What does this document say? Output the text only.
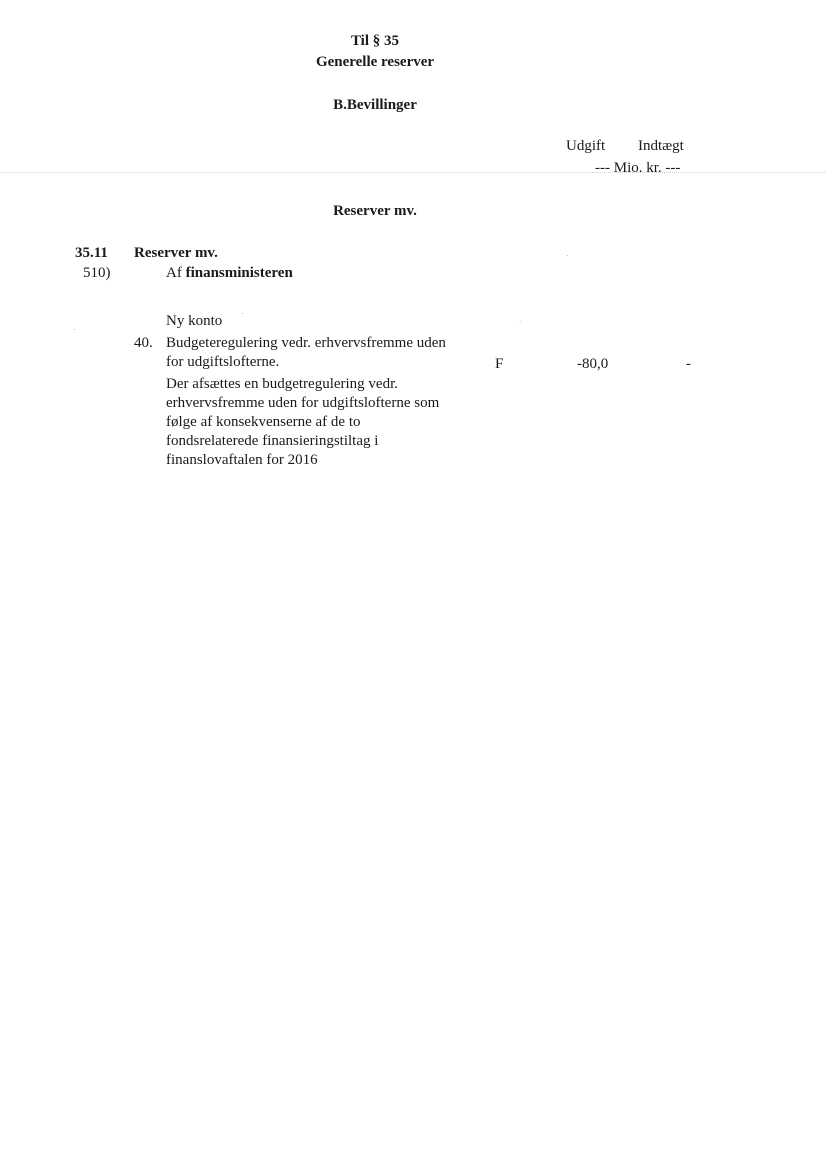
Til § 35
Generelle reserver
B.Bevillinger
Udgift Indtægt
--- Mio. kr. ---
Reserver mv.
35.11 Reserver mv.
510)	Af finansministeren
Ny konto
40. Budgeteregulering vedr. erhvervsfremme uden
for udgiftslofterne.	F	-80,0	-
Der afsættes en budgetregulering vedr.
erhvervsfremme uden for udgiftslofterne som
følge af konsekvenserne af de to
fondsrelaterede finansieringstiltag i
finanslovaftalen for 2016
·
·
·
·
